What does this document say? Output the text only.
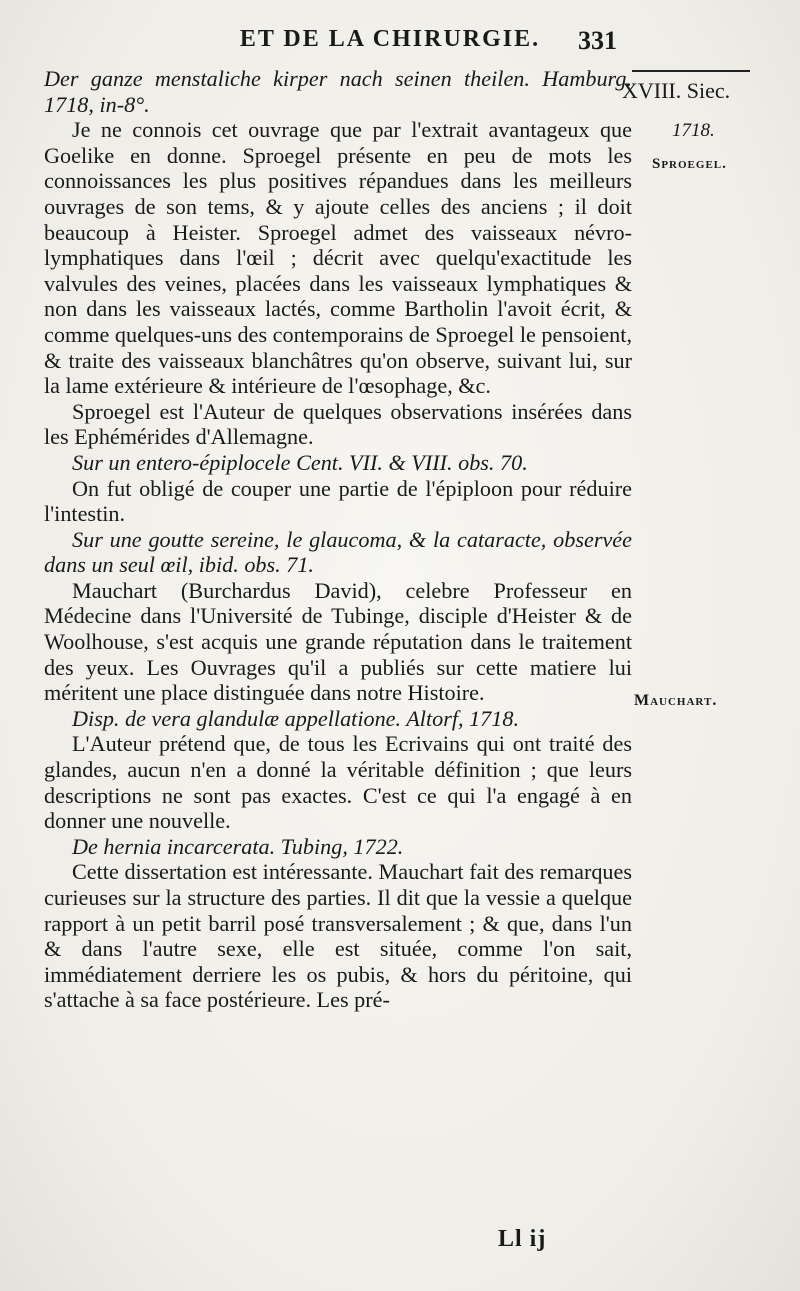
ET DE LA CHIRURGIE.	331
XVIII. Siec.
1718.
Sproegel.
Mauchart.

Der ganze menstaliche kirper nach seinen theilen. Hamburg. 1718, in-8°.

Je ne connois cet ouvrage que par l'extrait avantageux que Goelike en donne. Sproegel présente en peu de mots les connoissances les plus positives répandues dans les meilleurs ouvrages de son tems, & y ajoute celles des anciens ; il doit beaucoup à Heister. Sproegel admet des vaisseaux névro-lymphatiques dans l'œil ; décrit avec quelqu'exactitude les valvules des veines, placées dans les vaisseaux lymphatiques & non dans les vaisseaux lactés, comme Bartholin l'avoit écrit, & comme quelques-uns des contemporains de Sproegel le pensoient, & traite des vaisseaux blanchâtres qu'on observe, suivant lui, sur la lame extérieure & intérieure de l'œsophage, &c.

Sproegel est l'Auteur de quelques observations insérées dans les Ephémérides d'Allemagne.

Sur un entero-épiplocele Cent. VII. & VIII. obs. 70.

On fut obligé de couper une partie de l'épiploon pour réduire l'intestin.

Sur une goutte sereine, le glaucoma, & la cataracte, observée dans un seul œil, ibid. obs. 71.

Mauchart (Burchardus David), celebre Professeur en Médecine dans l'Université de Tubinge, disciple d'Heister & de Woolhouse, s'est acquis une grande réputation dans le traitement des yeux. Les Ouvrages qu'il a publiés sur cette matiere lui méritent une place distinguée dans notre Histoire.

Disp. de vera glandulæ appellatione. Altorf, 1718.

L'Auteur prétend que, de tous les Ecrivains qui ont traité des glandes, aucun n'en a donné la véritable définition ; que leurs descriptions ne sont pas exactes. C'est ce qui l'a engagé à en donner une nouvelle.

De hernia incarcerata. Tubing, 1722.

Cette dissertation est intéressante. Mauchart fait des remarques curieuses sur la structure des parties. Il dit que la vessie a quelque rapport à un petit barril posé transversalement ; & que, dans l'un & dans l'autre sexe, elle est située, comme l'on sait, immédiatement derriere les os pubis, & hors du péritoine, qui s'attache à sa face postérieure. Les pré-

Ll ij
